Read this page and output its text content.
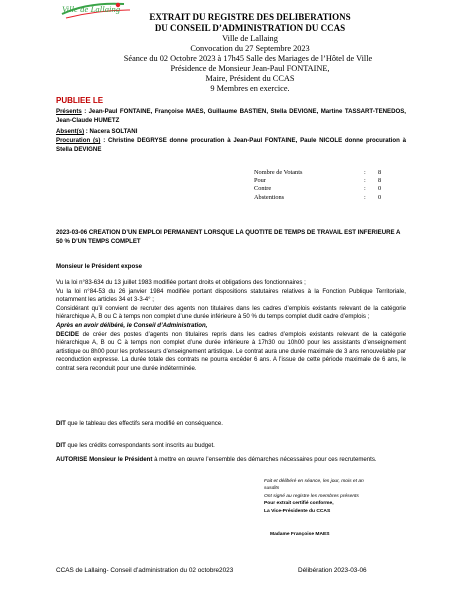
Ville de Lallaing
EXTRAIT DU REGISTRE DES DELIBERATIONS
DU CONSEIL D’ADMINISTRATION DU CCAS
Ville de Lallaing
Convocation du 27 Septembre 2023
Séance du 02 Octobre 2023 à 17h45 Salle des Mariages de l’Hôtel de Ville
Présidence de Monsieur Jean-Paul FONTAINE,
Maire, Président du CCAS
9 Membres en exercice.
PUBLIEE LE
Présents : Jean-Paul FONTAINE, Françoise MAES, Guillaume BASTIEN, Stella DEVIGNE, Martine TASSART-TENEDOS, Jean-Claude HUMETZ
Absent(s) : Nacera SOLTANI
Procuration (s) : Christine DEGRYSE donne procuration à Jean-Paul FONTAINE, Paule NICOLE donne procuration à Stella DEVIGNE
Nombre de Votants	:	8
Pour	:	8
Contre	:	0
Abstentions	:	0
2023-03-06 CREATION D’UN EMPLOI PERMANENT LORSQUE LA QUOTITE DE TEMPS DE TRAVAIL EST INFERIEURE A 50 % D’UN TEMPS COMPLET
Monsieur le Président expose
Vu la loi n°83-634 du 13 juillet 1983 modifiée portant droits et obligations des fonctionnaires ;
Vu la loi n°84-53 du 26 janvier 1984 modifiée portant dispositions statutaires relatives à la Fonction Publique Territoriale, notamment les articles 34 et 3-3-4° ;
Considérant qu’il convient de recruter des agents non titulaires dans les cadres d’emplois existants relevant de la catégorie hiérarchique A, B ou C à temps non complet d’une durée inférieure à 50 % du temps complet dudit cadre d’emplois ;
Après en avoir délibéré, le Conseil d’Administration,
DECIDE de créer des postes d’agents non titulaires repris dans les cadres d’emplois existants relevant de la catégorie hiérarchique A, B ou C à temps non complet d’une durée inférieure à 17h30 ou 10h00 pour les assistants d’enseignement artistique ou 8h00 pour les professeurs d’enseignement artistique. Le contrat aura une durée maximale de 3 ans renouvelable par reconduction expresse. La durée totale des contrats ne pourra excéder 6 ans. A l’issue de cette période maximale de 6 ans, le contrat sera reconduit pour une durée indéterminée.
DIT que le tableau des effectifs sera modifié en conséquence.
DIT que les crédits correspondants sont inscrits au budget.
AUTORISE Monsieur le Président à mettre en œuvre l’ensemble des démarches nécessaires pour ces recrutements.
Fait et délibéré en séance, les jour, mois et an
susdits
Ont signé au registre les membres présents
Pour extrait certifié conforme,
La Vice-Présidente du CCAS
Madame Françoise MAES
CCAS de Lallaing- Conseil d’administration du 02 octobre2023	Délibération 2023-03-06
